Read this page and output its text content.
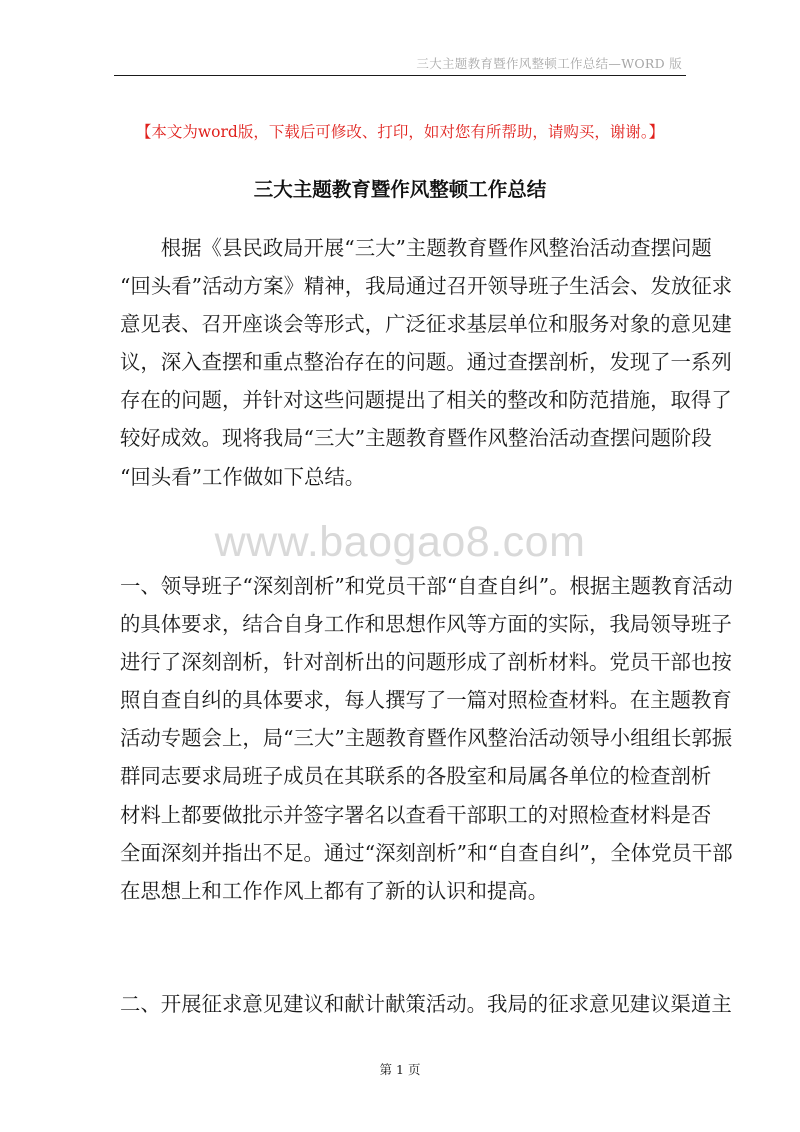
三大主题教育暨作风整顿工作总结—WORD 版
【本文为word版，下载后可修改、打印，如对您有所帮助，请购买，谢谢。】
三大主题教育暨作风整顿工作总结

　　根据《县民政局开展“三大”主题教育暨作风整治活动查摆问题
“回头看”活动方案》精神，我局通过召开领导班子生活会、发放征求
意见表、召开座谈会等形式，广泛征求基层单位和服务对象的意见建
议，深入查摆和重点整治存在的问题。通过查摆剖析，发现了一系列
存在的问题，并针对这些问题提出了相关的整改和防范措施，取得了
较好成效。现将我局“三大”主题教育暨作风整治活动查摆问题阶段
“回头看”工作做如下总结。

www.baogao8.com

一、领导班子“深刻剖析”和党员干部“自查自纠”。根据主题教育活动
的具体要求，结合自身工作和思想作风等方面的实际，我局领导班子
进行了深刻剖析，针对剖析出的问题形成了剖析材料。党员干部也按
照自查自纠的具体要求，每人撰写了一篇对照检查材料。在主题教育
活动专题会上，局“三大”主题教育暨作风整治活动领导小组组长郭振
群同志要求局班子成员在其联系的各股室和局属各单位的检查剖析
材料上都要做批示并签字署名以查看干部职工的对照检查材料是否
全面深刻并指出不足。通过“深刻剖析”和“自查自纠”，全体党员干部
在思想上和工作作风上都有了新的认识和提高。

二、开展征求意见建议和献计献策活动。我局的征求意见建议渠道主

第 1 页
